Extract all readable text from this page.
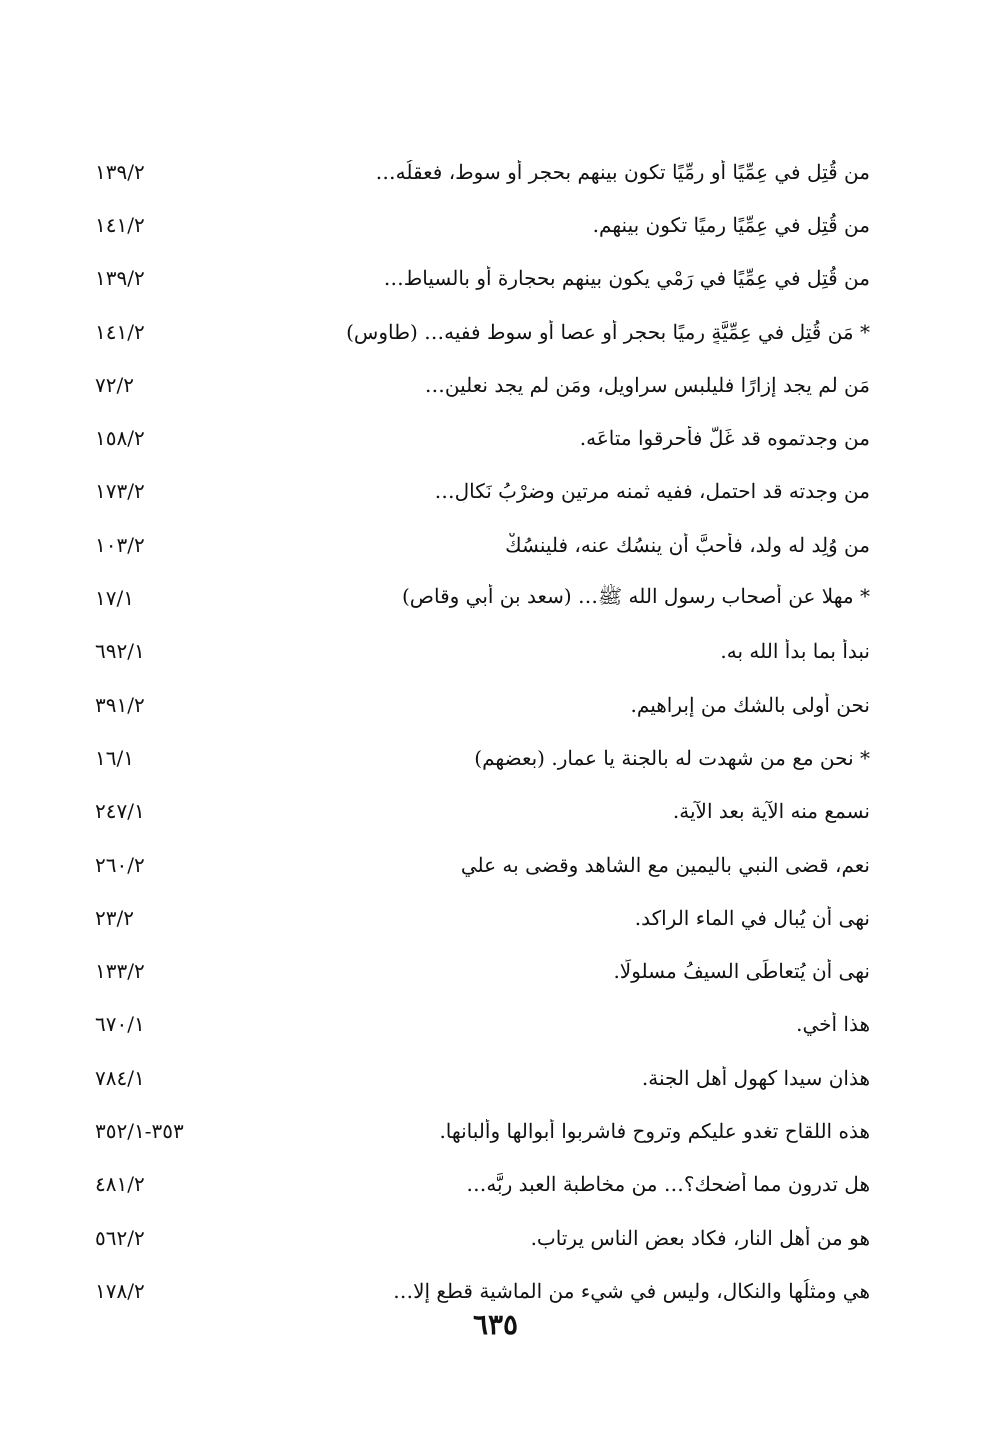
من قُتِل في عِمِّيًا أو رِمِّيًا تكون بينهم بحجر أو سوط، فعقلُه…
١٣٩/٢
من قُتِل في عِمِّيًا رميًا تكون بينهم.
١٤١/٢
من قُتِل في عِمِّيًا في رَمْيٍ يكون بينهم بحجارة أو بالسياط…
١٣٩/٢
* مَن قُتِل في عِمِّيَّةٍ رميًا بحجر أو عصا أو سوط ففيه… (طاوس)
١٤١/٢
مَن لم يجد إزارًا فليلبس سراويل، ومَن لم يجد نعلين…
٧٢/٢
من وجدتموه قد غَلَّ فأحرِقوا متاعَه.
١٥٨/٢
من وجدته قد احتمل، ففيه ثمنه مرتين وضرْبُ نَكالٍ…
١٧٣/٢
من وُلِد له ولد، فأحبَّ أن ينسُك عنه، فلينسُكْ
١٠٣/٢
* مهلا عن أصحاب رسول الله ﷺ… (سعد بن أبي وقاص)
١٧/١
نبدأ بما بدأ الله به.
٦٩٢/١
نحن أولى بالشك من إبراهيم.
٣٩١/٢
* نحن مع من شهدت له بالجنة يا عمار. (بعضهم)
١٦/١
نسمع منه الآية بعد الآية.
٢٤٧/١
نعم، قضى النبي باليمين مع الشاهد وقضى به علي
٢٦٠/٢
نهى أن يُبال في الماء الراكد.
٢٣/٢
نهى أن يُتعاطَى السيفُ مسلولًا.
١٣٣/٢
هذا أخي.
٦٧٠/١
هذان سيدا كهول أهل الجنة.
٧٨٤/١
هذه اللقاح تغدو عليكم وتروح فاشربوا أبوالها وألبانها.
٣٥٣-٣٥٢/١
هل تدرون مما أضحك؟… من مخاطبة العبد ربَّه…
٤٨١/٢
هو من أهل النار، فكاد بعض الناس يرتاب.
٥٦٢/٢
هي ومثلُها والنكال، وليس في شيء من الماشية قطع إلا…
١٧٨/٢
٦٣٥
